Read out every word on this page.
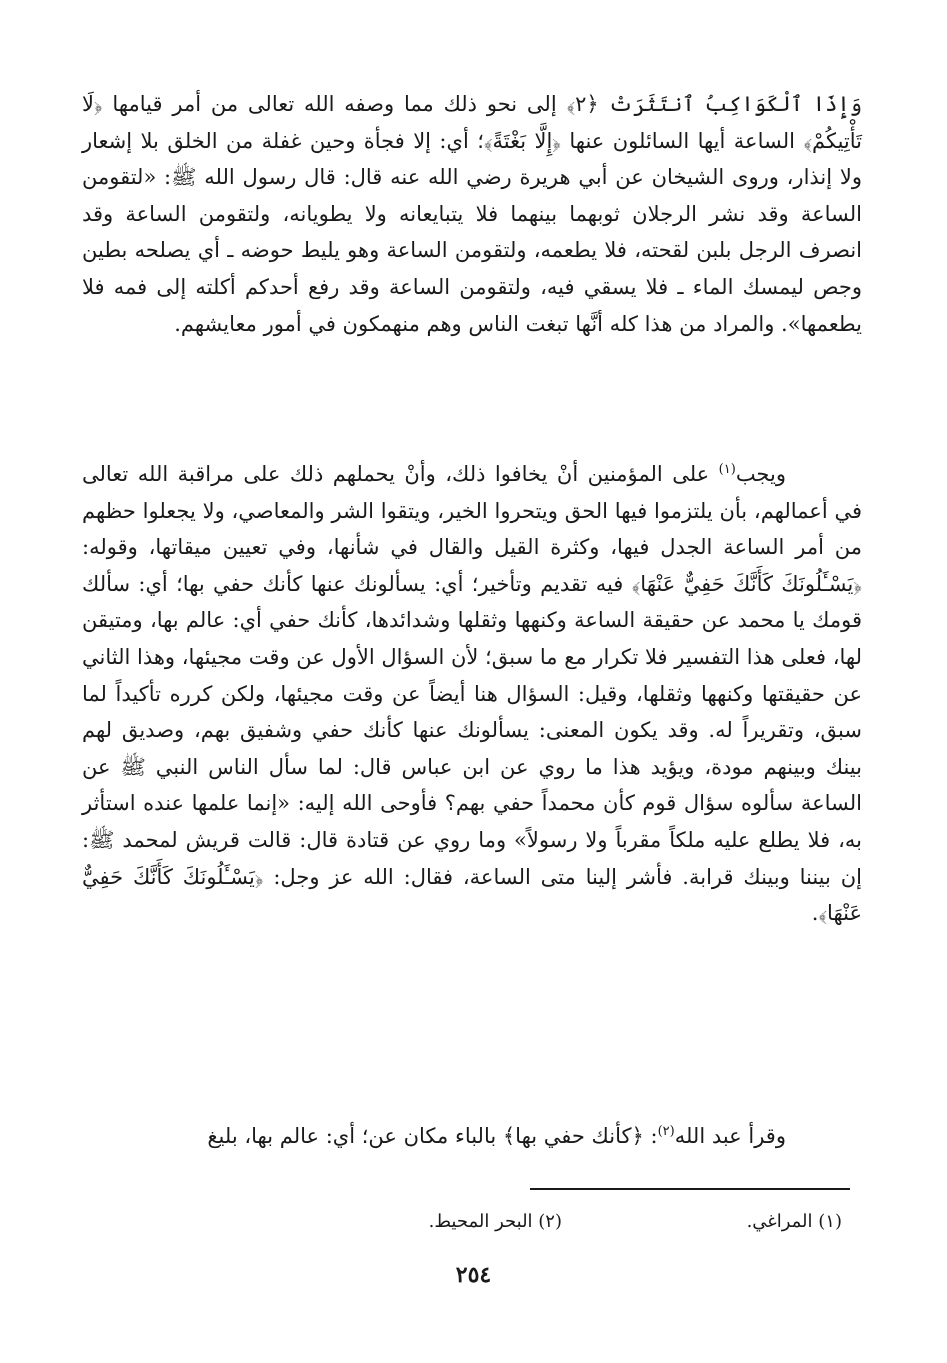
وَإِذَا ٱلْكَوَاكِبُ ٱنتَثَرَتْ ﴿٢﴾ إلى نحو ذلك مما وصفه الله تعالى من أمر قيامها ﴿لَا تَأْتِيكُمْ﴾ الساعة أيها السائلون عنها ﴿إِلَّا بَغْتَةً﴾؛ أي: إلا فجأة وحين غفلة من الخلق بلا إشعار ولا إنذار، وروى الشيخان عن أبي هريرة رضي الله عنه قال: قال رسول الله ﷺ: «لتقومن الساعة وقد نشر الرجلان ثوبهما بينهما فلا يتبايعانه ولا يطويانه، ولتقومن الساعة وقد انصرف الرجل بلبن لقحته، فلا يطعمه، ولتقومن الساعة وهو يليط حوضه ـ أي يصلحه بطين وجص ليمسك الماء ـ فلا يسقي فيه، ولتقومن الساعة وقد رفع أحدكم أكلته إلى فمه فلا يطعمها». والمراد من هذا كله أنَّها تبغت الناس وهم منهمكون في أمور معايشهم.
ويجب$^{(١)}$ على المؤمنين أنْ يخافوا ذلك، وأنْ يحملهم ذلك على مراقبة الله تعالى في أعمالهم، بأن يلتزموا فيها الحق ويتحروا الخير، ويتقوا الشر والمعاصي، ولا يجعلوا حظهم من أمر الساعة الجدل فيها، وكثرة القيل والقال في شأنها، وفي تعيين ميقاتها، وقوله: ﴿يَسْـَٔلُونَكَ كَأَنَّكَ حَفِيٌّ عَنْهَا﴾ فيه تقديم وتأخير؛ أي: يسألونك عنها كأنك حفي بها؛ أي: سألك قومك يا محمد عن حقيقة الساعة وكنهها وثقلها وشدائدها، كأنك حفي أي: عالم بها، ومتيقن لها، فعلى هذا التفسير فلا تكرار مع ما سبق؛ لأن السؤال الأول عن وقت مجيئها، وهذا الثاني عن حقيقتها وكنهها وثقلها، وقيل: السؤال هنا أيضاً عن وقت مجيئها، ولكن كرره تأكيداً لما سبق، وتقريراً له. وقد يكون المعنى: يسألونك عنها كأنك حفي وشفيق بهم، وصديق لهم بينك وبينهم مودة، ويؤيد هذا ما روي عن ابن عباس قال: لما سأل الناس النبي ﷺ عن الساعة سألوه سؤال قوم كأن محمداً حفي بهم؟ فأوحى الله إليه: «إنما علمها عنده استأثر به، فلا يطلع عليه ملكاً مقرباً ولا رسولاً» وما روي عن قتادة قال: قالت قريش لمحمد ﷺ: إن بيننا وبينك قرابة. فأشر إلينا متى الساعة، فقال: الله عز وجل: ﴿يَسْـَٔلُونَكَ كَأَنَّكَ حَفِيٌّ عَنْهَا﴾.
وقرأ عبد الله$^{(٢)}$: ﴿كأنك حفي بها﴾ بالباء مكان عن؛ أي: عالم بها، بليغ
(١) المراغي.
(٢) البحر المحيط.
٢٥٤
